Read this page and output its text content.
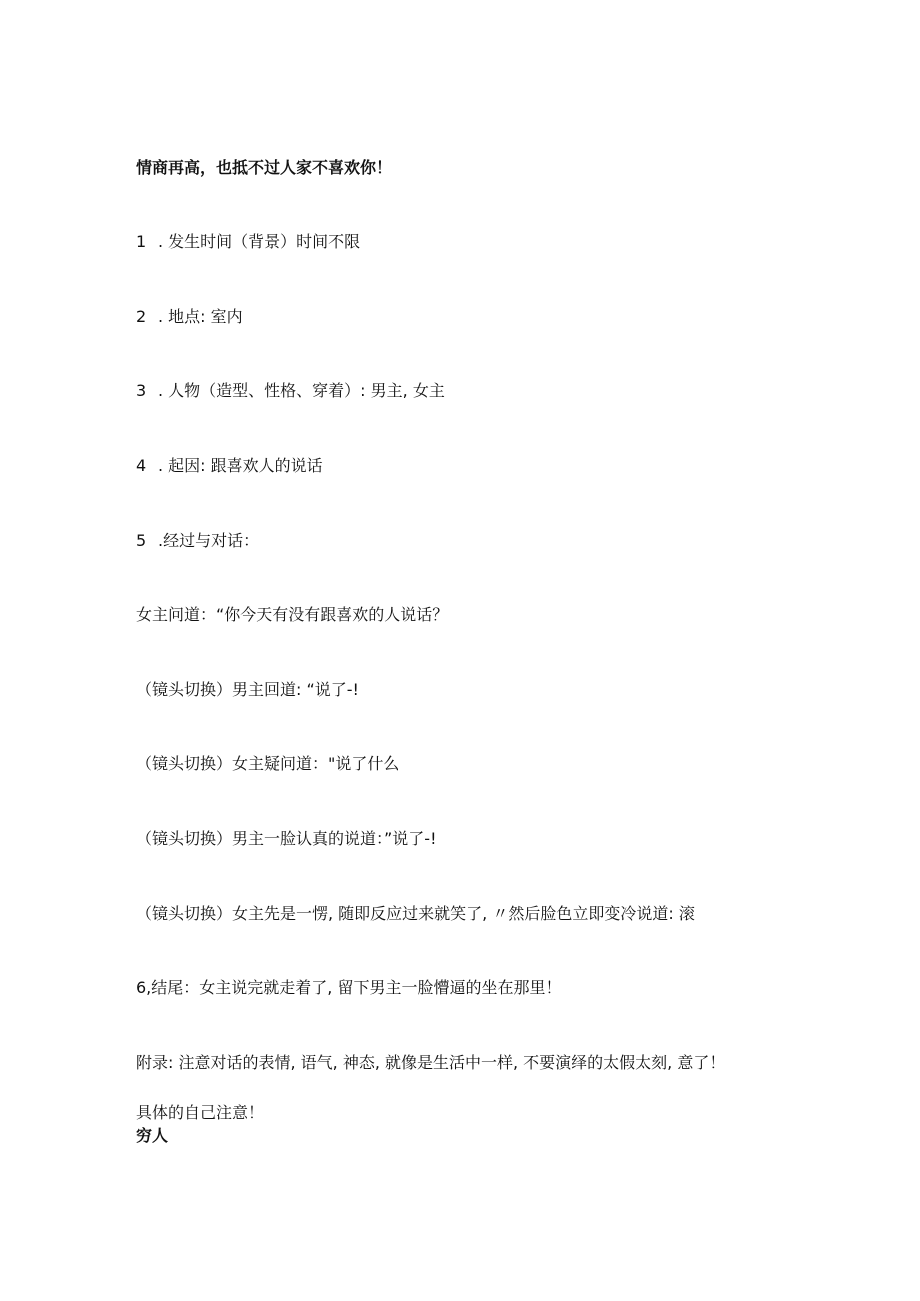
情商再高，也抵不过人家不喜欢你！
1 . 发生时间（背景）时间不限
2 . 地点: 室内
3 . 人物（造型、性格、穿着）: 男主, 女主
4 . 起因: 跟喜欢人的说话
5 .经过与对话：
女主问道：“你今天有没有跟喜欢的人说话？
（镜头切换）男主回道: “说了-!
（镜头切换）女主疑问道："说了什么
（镜头切换）男主一脸认真的说道：”说了-!
（镜头切换）女主先是一愣, 随即反应过来就笑了, 〃然后脸色立即变冷说道: 滚
6,结尾：女主说完就走着了, 留下男主一脸懵逼的坐在那里！
附录: 注意对话的表情, 语气, 神态, 就像是生活中一样, 不要演绎的太假太刻, 意了！
具体的自己注意！
穷人
